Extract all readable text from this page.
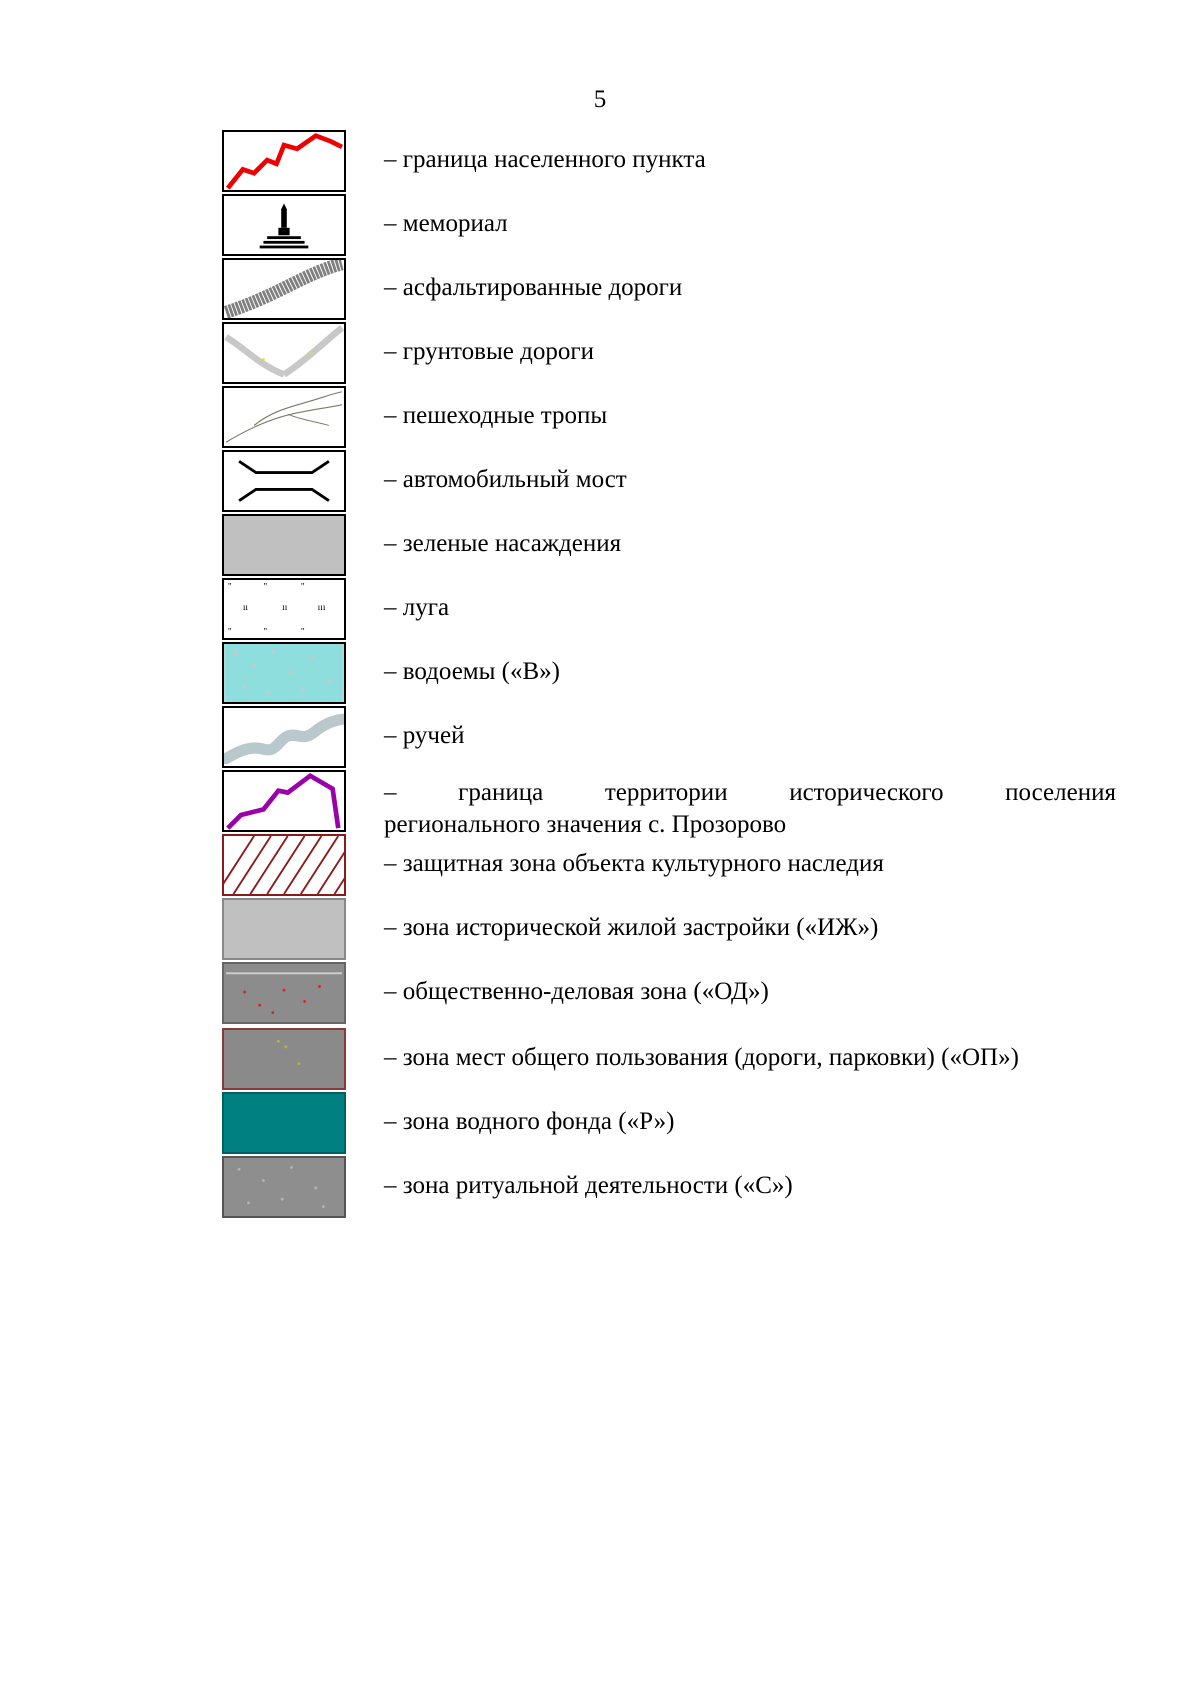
5
– граница населенного пункта
– мемориал
– асфальтированные дороги
– грунтовые дороги
– пешеходные тропы
– автомобильный мост
– зеленые насаждения
"	"	"
ıı	ıı	ııı
"	"	"
– луга
– водоемы («В»)
– ручей
– граница территории исторического поселения
регионального значения с. Прозорово
– защитная зона объекта культурного наследия
– зона исторической жилой застройки («ИЖ»)
– общественно-деловая зона («ОД»)
– зона мест общего пользования (дороги, парковки) («ОП»)
– зона водного фонда («Р»)
– зона ритуальной деятельности («С»)
